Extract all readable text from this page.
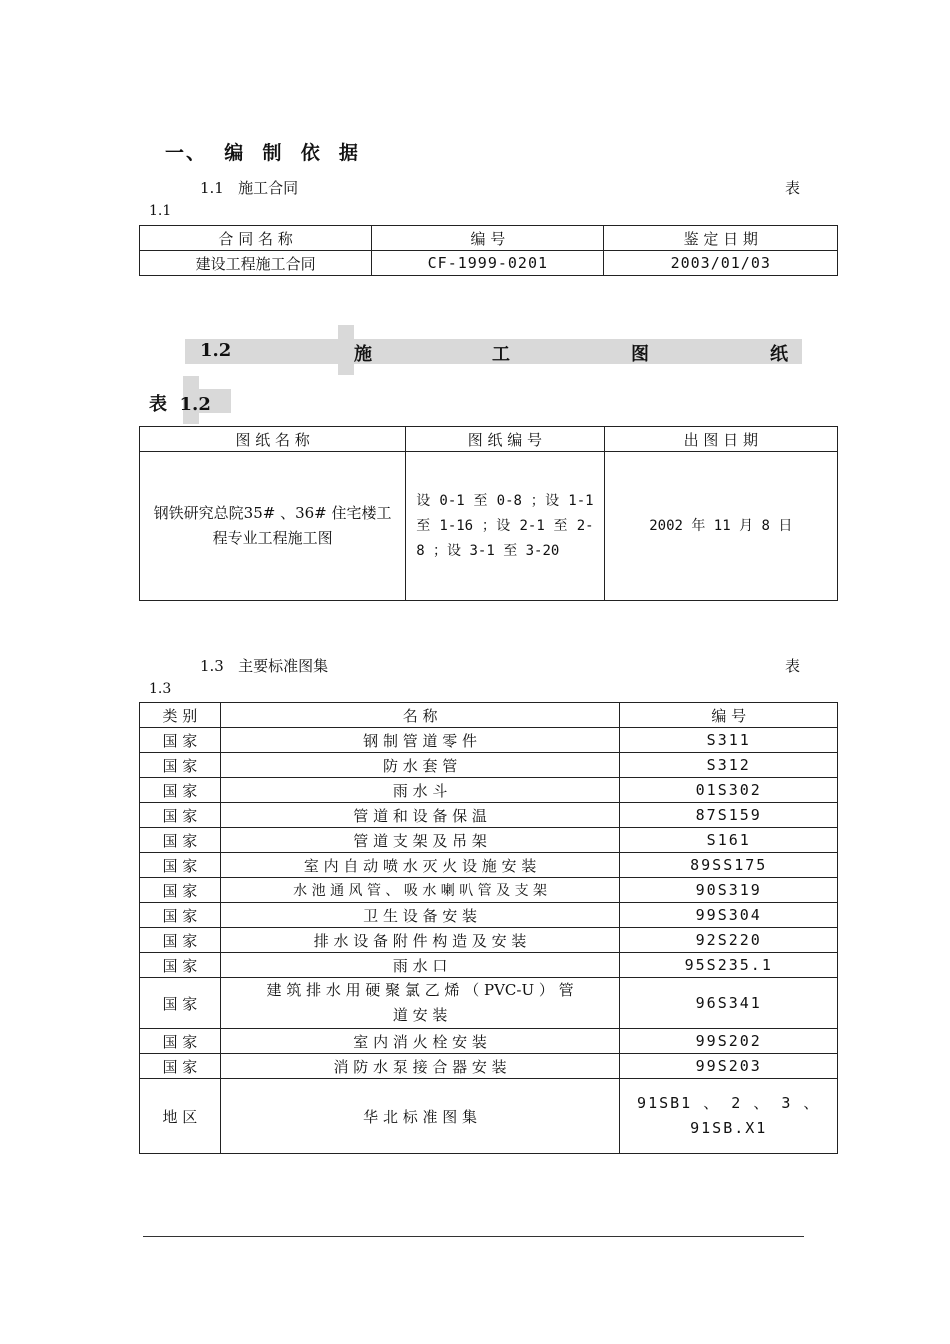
一、  编  制  依  据
1.1   施工合同	表
1.1
合 同 名 称	编 号	鉴 定 日 期
建设工程施工合同	CF-1999-0201	2003/01/03
1.2	施	工	图	纸
表  1.2
图 纸 名 称	图 纸 编 号	出 图 日 期
钢铁研究总院35# 、36# 住宅楼工程专业工程施工图	设 0-1 至 0-8 ；设 1-1 至 1-16 ；设 2-1 至 2-8 ；设 3-1 至 3-20	2002 年 11 月 8 日
1.3   主要标准图集	表
1.3
类 别	名 称	编 号
国 家	钢 制 管 道 零 件	S311
国 家	防 水 套 管	S312
国 家	雨 水 斗	01S302
国 家	管 道 和 设 备 保 温	87S159
国 家	管 道 支 架 及 吊 架	S161
国 家	室 内 自 动 喷 水 灭 火 设 施 安 装	89SS175
国 家	水 池 通 风 管 、 吸 水 喇 叭 管 及 支 架	90S319
国 家	卫 生 设 备 安 装	99S304
国 家	排 水 设 备 附 件 构 造 及 安 装	92S220
国 家	雨 水 口	95S235.1
国 家	建 筑 排 水 用 硬 聚 氯 乙 烯 （ PVC-U ） 管 道 安 装	96S341
国 家	室 内 消 火 栓 安 装	99S202
国 家	消 防 水 泵 接 合 器 安 装	99S203
地 区	华 北 标 准 图 集	91SB1 、 2 、 3 、 91SB.X1
